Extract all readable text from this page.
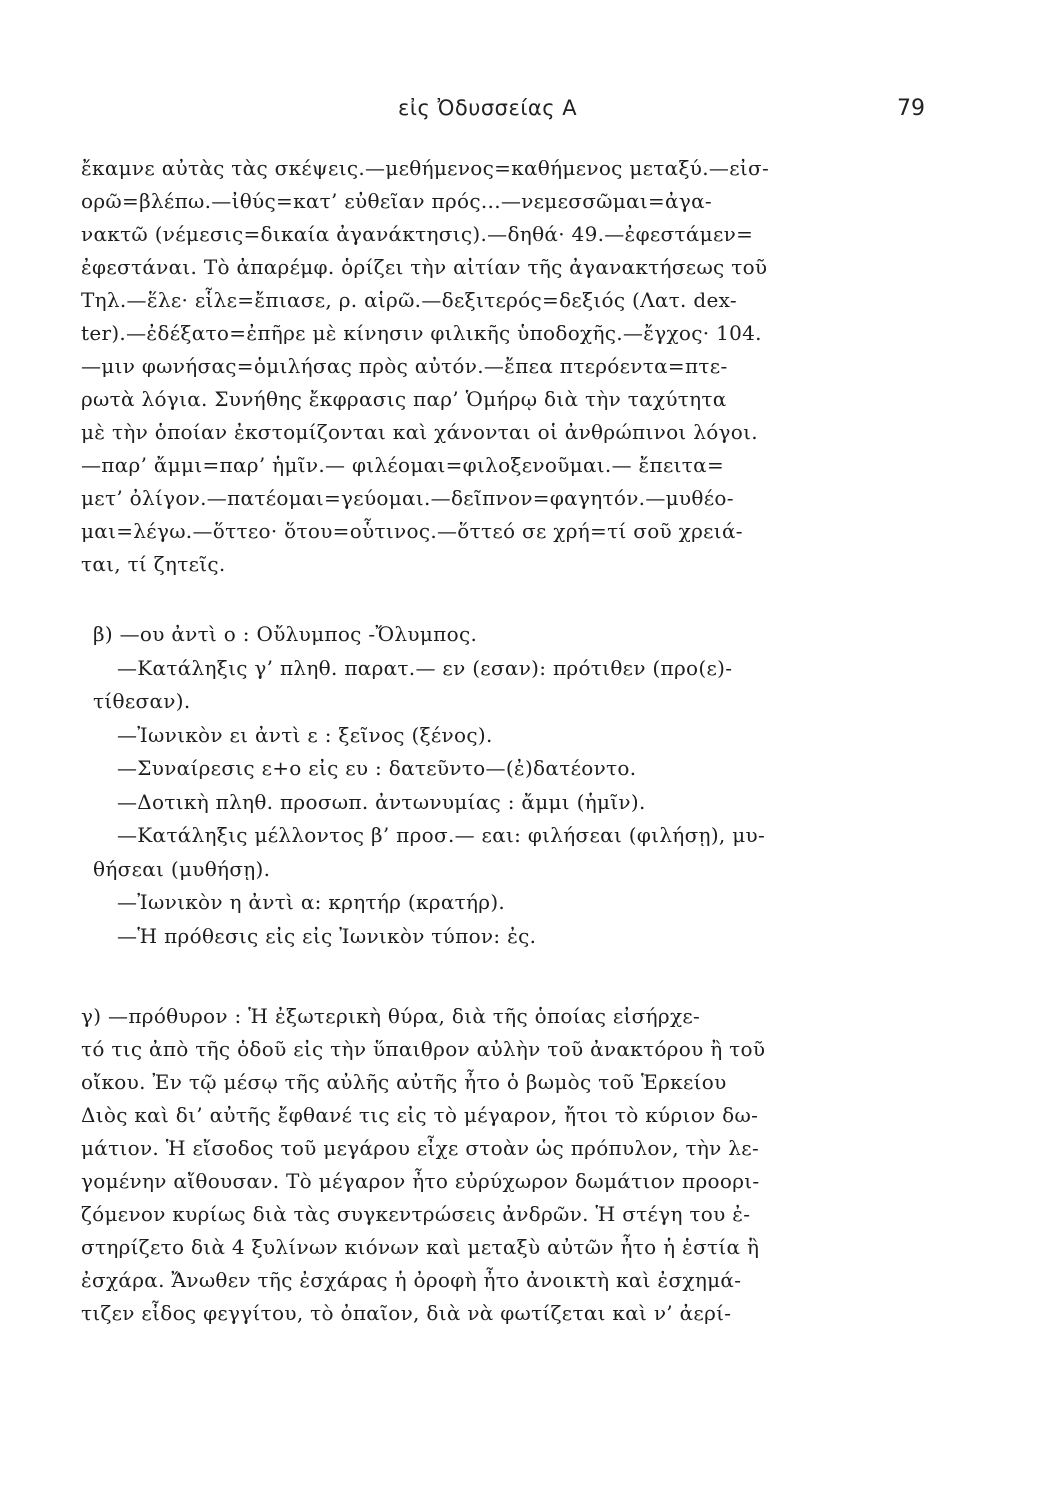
εἰς Ὀδυσσείας Α	79
ἔκαμνε αὐτὰς τὰς σκέψεις.—μεθήμενος=καθήμενος μεταξύ.—εἰσ-
ορῶ=βλέπω.—ἰθύς=κατ’ εὐθεῖαν πρός...—νεμεσσῶμαι=ἀγα-
νακτῶ (νέμεσις=δικαία ἀγανάκτησις).—δηθά· 49.—ἐφεστάμεν=
ἐφεστάναι. Τὸ ἀπαρέμφ. ὁρίζει τὴν αἰτίαν τῆς ἀγανακτήσεως τοῦ
Τηλ.—ἕλε· εἷλε=ἔπιασε, ρ. αἱρῶ.—δεξιτερός=δεξιός (Λατ. dex-
ter).—ἐδέξατο=ἐπῆρε μὲ κίνησιν φιλικῆς ὑποδοχῆς.—ἔγχος· 104.
—μιν φωνήσας=ὁμιλήσας πρὸς αὐτόν.—ἔπεα πτερόεντα=πτε-
ρωτὰ λόγια. Συνήθης ἔκφρασις παρ’ Ὁμήρῳ διὰ τὴν ταχύτητα
μὲ τὴν ὁποίαν ἐκστομίζονται καὶ χάνονται οἱ ἀνθρώπινοι λόγοι.
—παρ’ ἄμμι=παρ’ ἡμῖν.— φιλέομαι=φιλοξενοῦμαι.— ἔπειτα=
μετ’ ὀλίγον.—πατέομαι=γεύομαι.—δεῖπνον=φαγητόν.—μυθέο-
μαι=λέγω.—ὅττεο· ὅτου=οὗτινος.—ὅττεό σε χρή=τί σοῦ χρειά-
ται, τί ζητεῖς.
β) —ου ἀντὶ ο : Οὔλυμπος -Ὄλυμπος.
—Κατάληξις γ’ πληθ. παρατ.— εν (εσαν): πρότιθεν (προ(ε)-
τίθεσαν).
—Ἰωνικὸν ει ἀντὶ ε : ξεῖνος (ξένος).
—Συναίρεσις ε+ο εἰς ευ : δατεῦντο—(ἐ)δατέοντο.
—Δοτικὴ πληθ. προσωπ. ἀντωνυμίας : ἄμμι (ἡμῖν).
—Κατάληξις μέλλοντος β’ προσ.— εαι: φιλήσεαι (φιλήσῃ), μυ-
θήσεαι (μυθήσῃ).
—Ἰωνικὸν η ἀντὶ α: κρητήρ (κρατήρ).
—Ἡ πρόθεσις εἰς εἰς Ἰωνικὸν τύπον: ἐς.
γ) —πρόθυρον : Ἡ ἐξωτερικὴ θύρα, διὰ τῆς ὁποίας εἰσήρχε-
τό τις ἀπὸ τῆς ὁδοῦ εἰς τὴν ὕπαιθρον αὐλὴν τοῦ ἀνακτόρου ἢ τοῦ
οἴκου. Ἐν τῷ μέσῳ τῆς αὐλῆς αὐτῆς ἦτο ὁ βωμὸς τοῦ Ἑρκείου
Διὸς καὶ δι’ αὐτῆς ἔφθανέ τις εἰς τὸ μέγαρον, ἤτοι τὸ κύριον δω-
μάτιον. Ἡ εἴσοδος τοῦ μεγάρου εἶχε στοὰν ὡς πρόπυλον, τὴν λε-
γομένην αἴθουσαν. Τὸ μέγαρον ἦτο εὐρύχωρον δωμάτιον προορι-
ζόμενον κυρίως διὰ τὰς συγκεντρώσεις ἀνδρῶν. Ἡ στέγη του ἐ-
στηρίζετο διὰ 4 ξυλίνων κιόνων καὶ μεταξὺ αὐτῶν ἦτο ἡ ἑστία ἢ
ἐσχάρα. Ἄνωθεν τῆς ἐσχάρας ἡ ὀροφὴ ἦτο ἀνοικτὴ καὶ ἐσχημά-
τιζεν εἶδος φεγγίτου, τὸ ὀπαῖον, διὰ νὰ φωτίζεται καὶ ν’ ἀερί-
